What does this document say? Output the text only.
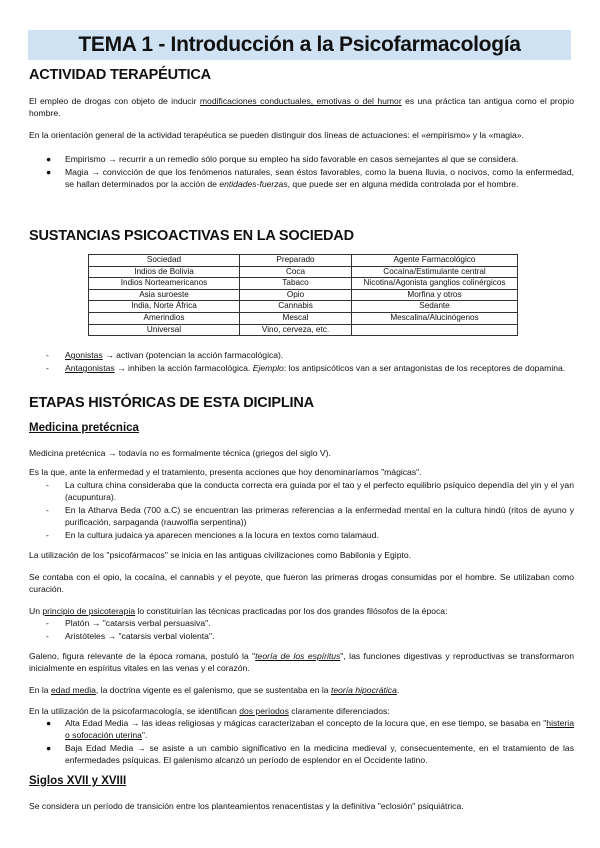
TEMA 1 - Introducción a la Psicofarmacología
ACTIVIDAD TERAPÉUTICA
El empleo de drogas con objeto de inducir modificaciones conductuales, emotivas o del humor es una práctica tan antigua como el propio hombre.
En la orientación general de la actividad terapéutica se pueden distinguir dos líneas de actuaciones: el «empirismo» y la «magia».
● Empirismo → recurrir a un remedio sólo porque su empleo ha sido favorable en casos semejantes al que se considera.
● Magia → convicción de que los fenómenos naturales, sean éstos favorables, como la buena lluvia, o nocivos, como la enfermedad, se hallan determinados por la acción de entidades-fuerzas, que puede ser en alguna medida controlada por el hombre.
SUSTANCIAS PSICOACTIVAS EN LA SOCIEDAD
Sociedad	Preparado	Agente Farmacológico
Indios de Bolivia	Coca	Cocaína/Estimulante central
Indios Norteamericanos	Tabaco	Nicotina/Agonista ganglios colinérgicos
Asia suroeste	Opio	Morfina y otros
India, Norte África	Cannabis	Sedante
Amerindios	Mescal	Mescalina/Alucinógenos
Universal	Vino, cerveza, etc.	
- Agonistas → activan (potencian la acción farmacológica).
- Antagonistas → inhiben la acción farmacológica. Ejemplo: los antipsicóticos van a ser antagonistas de los receptores de dopamina.
ETAPAS HISTÓRICAS DE ESTA DICIPLINA
Medicina pretécnica
Medicina pretécnica → todavía no es formalmente técnica (griegos del siglo V).
Es la que, ante la enfermedad y el tratamiento, presenta acciones que hoy denominaríamos "mágicas".
- La cultura china consideraba que la conducta correcta era guiada por el tao y el perfecto equilibrio psíquico dependía del yin y el yan (acupuntura).
- En la Atharva Beda (700 a.C) se encuentran las primeras referencias a la enfermedad mental en la cultura hindú (ritos de ayuno y purificación, sarpaganda (rauwolfia serpentina))
- En la cultura judaica ya aparecen menciones a la locura en textos como talamaud.
La utilización de los "psicofármacos" se inicia en las antiguas civilizaciones como Babilonia y Egipto.
Se contaba con el opio, la cocaína, el cannabis y el peyote, que fueron las primeras drogas consumidas por el hombre. Se utilizaban como curación.
Un principio de psicoterapia lo constituirían las técnicas practicadas por los dos grandes filósofos de la época:
- Platón → "catarsis verbal persuasiva".
- Aristóteles → "catarsis verbal violenta".
Galeno, figura relevante de la época romana, postuló la "teoría de los espíritus", las funciones digestivas y reproductivas se transformaron inicialmente en espíritus vitales en las venas y el corazón.
En la edad media, la doctrina vigente es el galenismo, que se sustentaba en la teoría hipocrática.
En la utilización de la psicofarmacología, se identifican dos períodos claramente diferenciados:
● Alta Edad Media → las ideas religiosas y mágicas caracterizaban el concepto de la locura que, en ese tiempo, se basaba en "histeria o sofocación uterina".
● Baja Edad Media → se asiste a un cambio significativo en la medicina medieval y, consecuentemente, en el tratamiento de las enfermedades psíquicas. El galenismo alcanzó un período de esplendor en el Occidente latino.
Siglos XVII y XVIII
Se considera un período de transición entre los planteamientos renacentistas y la definitiva "eclosión" psiquiátrica.
